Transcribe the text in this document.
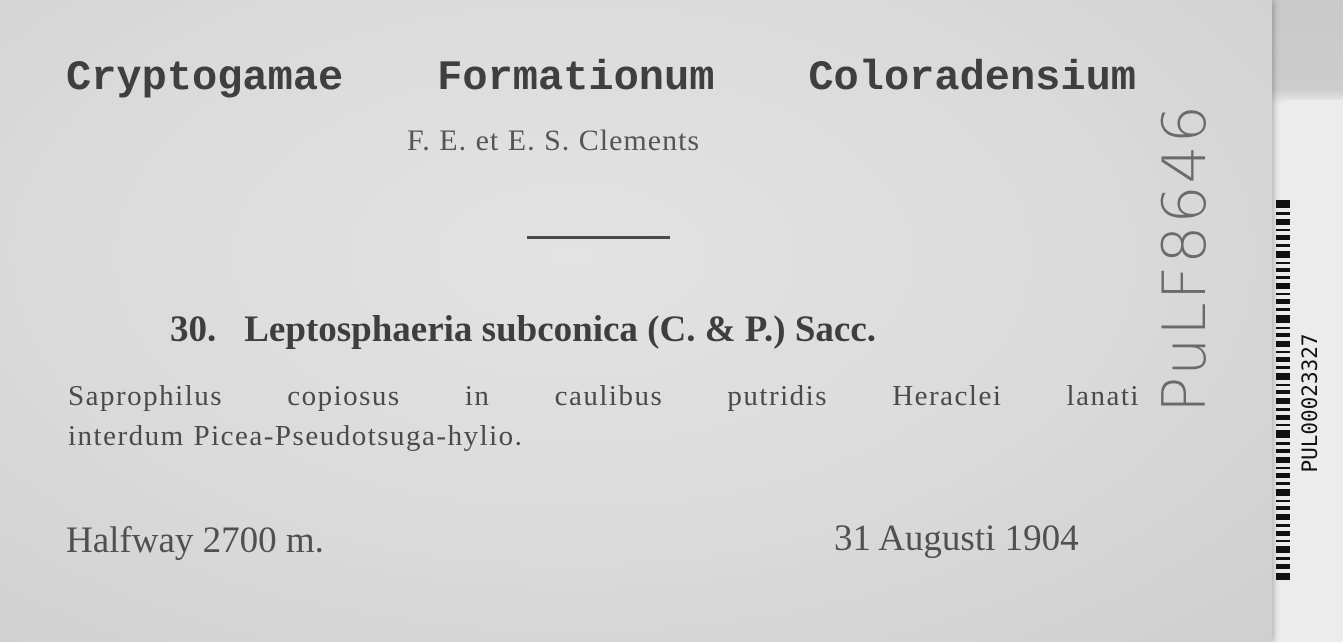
Cryptogamae Formationum Coloradensium
F. E. et E. S. Clements
30. Leptosphaeria subconica (C. & P.) Sacc.
Saprophilus copiosus in caulibus putridis Heraclei lanati
interdum Picea-Pseudotsuga-hylio.
Halfway 2700 m.	31 Augusti 1904
PuLF8646	PUL00023327
